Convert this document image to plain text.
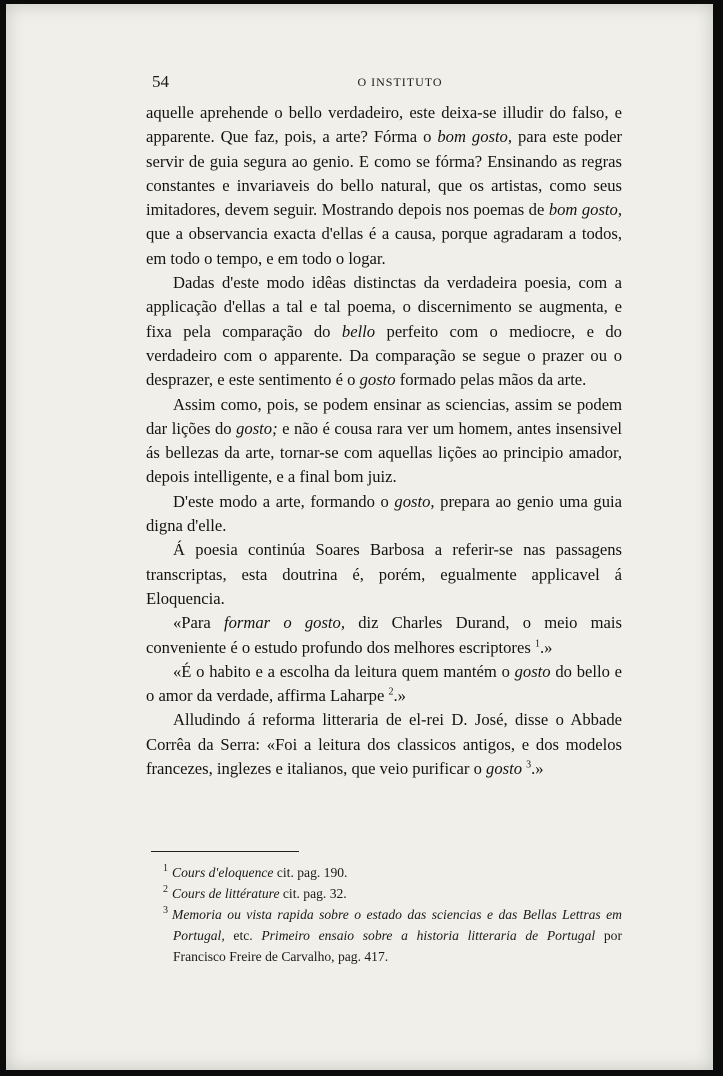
54	O INSTITUTO

aquelle aprehende o bello verdadeiro, este deixa-se illudir do falso, e apparente. Que faz, pois, a arte? Fórma o bom gosto, para este poder servir de guia segura ao genio. E como se fórma? Ensinando as regras constantes e invariaveis do bello natural, que os artistas, como seus imitadores, devem seguir. Mostrando depois nos poemas de bom gosto, que a observancia exacta d'ellas é a causa, porque agradaram a todos, em todo o tempo, e em todo o logar.

Dadas d'este modo idêas distinctas da verdadeira poesia, com a applicação d'ellas a tal e tal poema, o discernimento se augmenta, e fixa pela comparação do bello perfeito com o mediocre, e do verdadeiro com o apparente. Da comparação se segue o prazer ou o desprazer, e este sentimento é o gosto formado pelas mãos da arte.

Assim como, pois, se podem ensinar as sciencias, assim se podem dar lições do gosto; e não é cousa rara ver um homem, antes insensivel ás bellezas da arte, tornar-se com aquellas lições ao principio amador, depois intelligente, e a final bom juiz.

D'este modo a arte, formando o gosto, prepara ao genio uma guia digna d'elle.

Á poesia continúa Soares Barbosa a referir-se nas passagens transcriptas, esta doutrina é, porém, egualmente applicavel á Eloquencia.

«Para formar o gosto, diz Charles Durand, o meio mais conveniente é o estudo profundo dos melhores escriptores $^1$.»

«É o habito e a escolha da leitura quem mantém o gosto do bello e o amor da verdade, affirma Laharpe $^2$.»

Alludindo á reforma litteraria de el-rei D. José, disse o Abbade Corrêa da Serra: «Foi a leitura dos classicos antigos, e dos modelos francezes, inglezes e italianos, que veio purificar o gosto $^3$.»

1 Cours d'eloquence cit. pag. 190.
2 Cours de littérature cit. pag. 32.
3 Memoria ou vista rapida sobre o estado das sciencias e das Bellas Lettras em Portugal, etc. Primeiro ensaio sobre a historia litteraria de Portugal por Francisco Freire de Carvalho, pag. 417.
